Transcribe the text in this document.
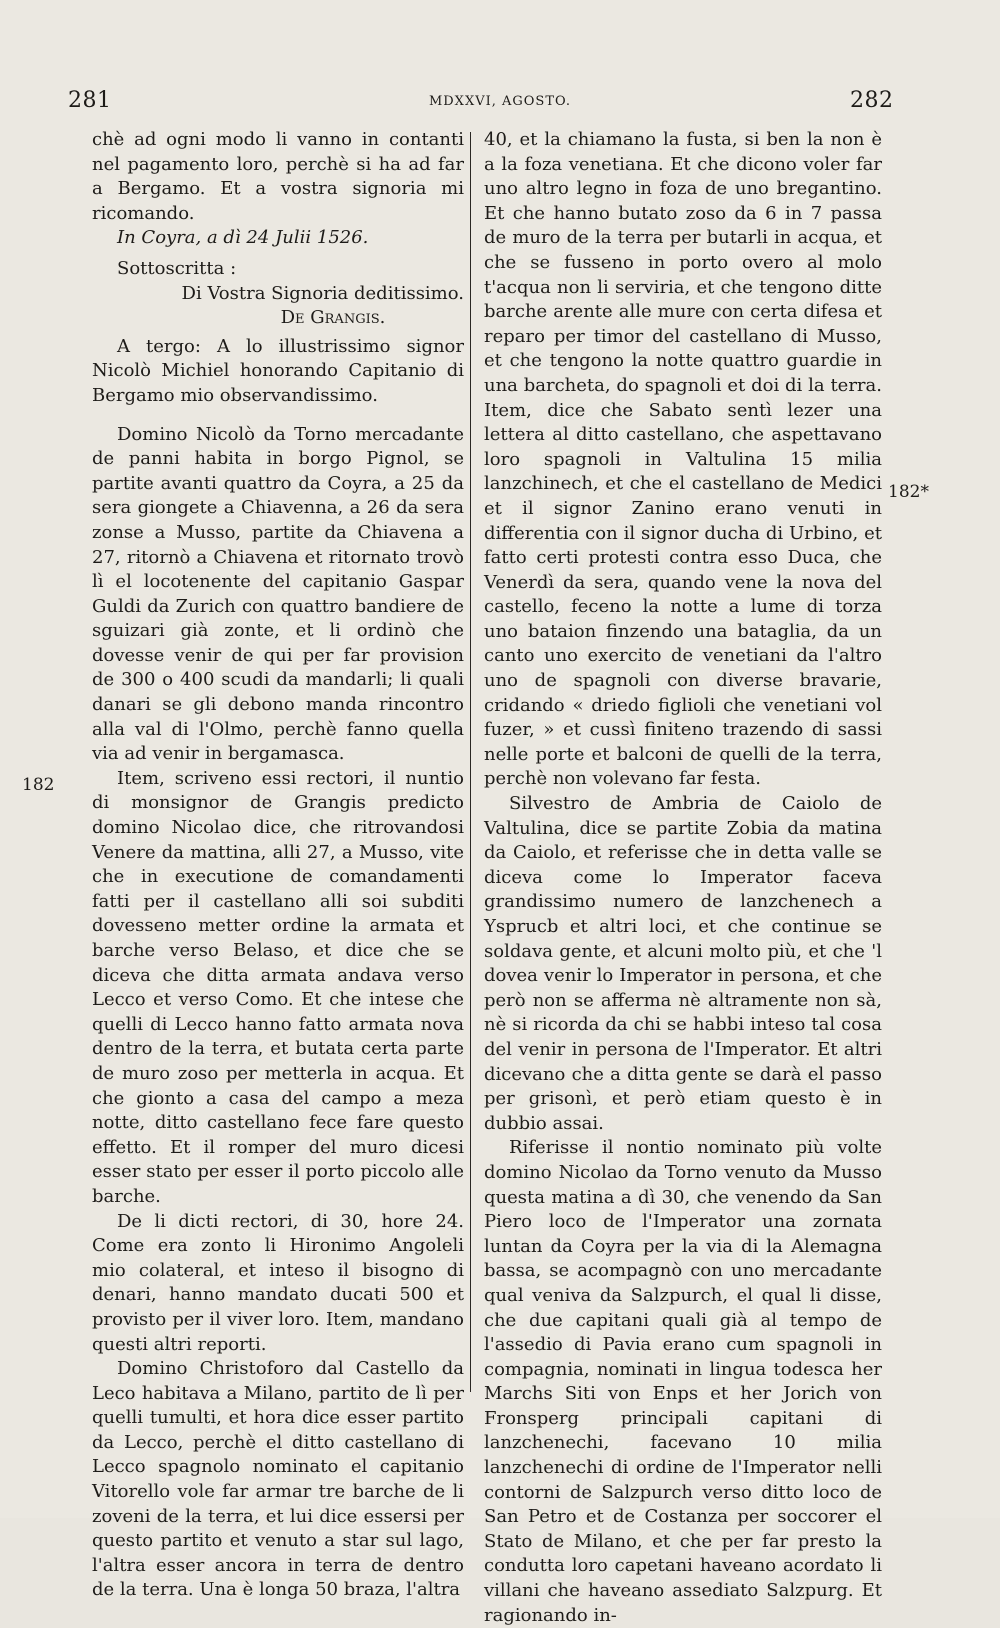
281	MDXXVI, AGOSTO.	282
182
182*

chè ad ogni modo li vanno in contanti nel pagamento loro, perchè si ha ad far a Bergamo. Et a vostra signoria mi ricomando.

In Coyra, a dì 24 Julii 1526.

Sottoscritta :

Di Vostra Signoria deditissimo.

De Grangis.

A tergo: A lo illustrissimo signor Nicolò Michiel honorando Capitanio di Bergamo mio observandissimo.

Domino Nicolò da Torno mercadante de panni habita in borgo Pignol, se partite avanti quattro da Coyra, a 25 da sera giongete a Chiavenna, a 26 da sera zonse a Musso, partite da Chiavena a 27, ritornò a Chiavena et ritornato trovò lì el locotenente del capitanio Gaspar Guldi da Zurich con quattro bandiere de sguizari già zonte, et li ordinò che dovesse venir de qui per far provision de 300 o 400 scudi da mandarli; li quali danari se gli debono manda rincontro alla val di l'Olmo, perchè fanno quella via ad venir in bergamasca.

Item, scriveno essi rectori, il nuntio di monsignor de Grangis predicto domino Nicolao dice, che ritrovandosi Venere da mattina, alli 27, a Musso, vite che in executione de comandamenti fatti per il castellano alli soi subditi dovesseno metter ordine la armata et barche verso Belaso, et dice che se diceva che ditta armata andava verso Lecco et verso Como. Et che intese che quelli di Lecco hanno fatto armata nova dentro de la terra, et butata certa parte de muro zoso per metterla in acqua. Et che gionto a casa del campo a meza notte, ditto castellano fece fare questo effetto. Et il romper del muro dicesi esser stato per esser il porto piccolo alle barche.

De li dicti rectori, di 30, hore 24. Come era zonto li Hironimo Angoleli mio colateral, et inteso il bisogno di denari, hanno mandato ducati 500 et provisto per il viver loro. Item, mandano questi altri reporti.

Domino Christoforo dal Castello da Leco habitava a Milano, partito de lì per quelli tumulti, et hora dice esser partito da Lecco, perchè el ditto castellano di Lecco spagnolo nominato el capitanio Vitorello vole far armar tre barche de li zoveni de la terra, et lui dice essersi per questo partito et venuto a star sul lago, l'altra esser ancora in terra de dentro de la terra. Una è longa 50 braza, l'altra

40, et la chiamano la fusta, si ben la non è a la foza venetiana. Et che dicono voler far uno altro legno in foza de uno bregantino. Et che hanno butato zoso da 6 in 7 passa de muro de la terra per butarli in acqua, et che se fusseno in porto overo al molo t'acqua non li serviria, et che tengono ditte barche arente alle mure con certa difesa et reparo per timor del castellano di Musso, et che tengono la notte quattro guardie in una barcheta, do spagnoli et doi di la terra. Item, dice che Sabato sentì lezer una lettera al ditto castellano, che aspettavano loro spagnoli in Valtulina 15 milia lanzchinech, et che el castellano de Medici et il signor Zanino erano venuti in differentia con il signor ducha di Urbino, et fatto certi protesti contra esso Duca, che Venerdì da sera, quando vene la nova del castello, feceno la notte a lume di torza uno bataion finzendo una bataglia, da un canto uno exercito de venetiani da l'altro uno de spagnoli con diverse bravarie, cridando « driedo figlioli che venetiani vol fuzer, » et cussì finiteno trazendo di sassi nelle porte et balconi de quelli de la terra, perchè non volevano far festa.

Silvestro de Ambria de Caiolo de Valtulina, dice se partite Zobia da matina da Caiolo, et referisse che in detta valle se diceva come lo Imperator faceva grandissimo numero de lanzchenech a Ysprucb et altri loci, et che continue se soldava gente, et alcuni molto più, et che 'l dovea venir lo Imperator in persona, et che però non se afferma nè altramente non sà, nè si ricorda da chi se habbi inteso tal cosa del venir in persona de l'Imperator. Et altri dicevano che a ditta gente se darà el passo per grisonì, et però etiam questo è in dubbio assai.

Riferisse il nontio nominato più volte domino Nicolao da Torno venuto da Musso questa matina a dì 30, che venendo da San Piero loco de l'Imperator una zornata luntan da Coyra per la via di la Alemagna bassa, se acompagnò con uno mercadante qual veniva da Salzpurch, el qual li disse, che due capitani quali già al tempo de l'assedio di Pavia erano cum spagnoli in compagnia, nominati in lingua todesca her Marchs Siti von Enps et her Jorich von Fronsperg principali capitani di lanzchenechi, facevano 10 milia lanzchenechi di ordine de l'Imperator nelli contorni de Salzpurch verso ditto loco de San Petro et de Costanza per soccorer el Stato de Milano, et che per far presto la condutta loro capetani haveano acordato li villani che haveano assediato Salzpurg. Et ragionando in-
